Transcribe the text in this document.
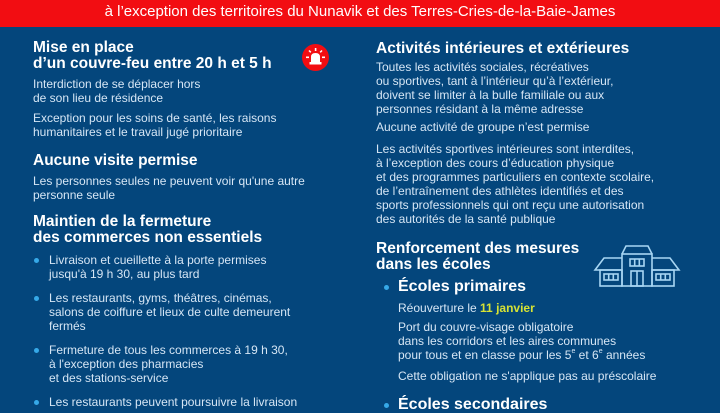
à l’exception des territoires du Nunavik et des Terres-Cries-de-la-Baie-James

Mise en place

d’un couvre-feu entre 20 h et 5 h

Interdiction de se déplacer hors

de son lieu de résidence

Exception pour les soins de santé, les raisons

humanitaires et le travail jugé prioritaire

Aucune visite permise

Les personnes seules ne peuvent voir qu'une autre

personne seule

Maintien de la fermeture

des commerces non essentiels

Livraison et cueillette à la porte permises

jusqu'à 19 h 30, au plus tard

Les restaurants, gyms, théâtres, cinémas,

salons de coiffure et lieux de culte demeurent

fermés

Fermeture de tous les commerces à 19 h 30,

à l'exception des pharmacies

et des stations-service

Les restaurants peuvent poursuivre la livraison

Activités intérieures et extérieures

Toutes les activités sociales, récréatives

ou sportives, tant à l’intérieur qu’à l’extérieur,

doivent se limiter à la bulle familiale ou aux

personnes résidant à la même adresse

Aucune activité de groupe n’est permise

Les activités sportives intérieures sont interdites,

à l’exception des cours d’éducation physique

et des programmes particuliers en contexte scolaire,

de l’entraînement des athlètes identifiés et des

sports professionnels qui ont reçu une autorisation

des autorités de la santé publique

Renforcement des mesures

dans les écoles

Écoles primaires

Réouverture le 11 janvier

Port du couvre-visage obligatoire

dans les corridors et les aires communes

pour tous et en classe pour les 5e et 6e années

Cette obligation ne s'applique pas au préscolaire

Écoles secondaires
